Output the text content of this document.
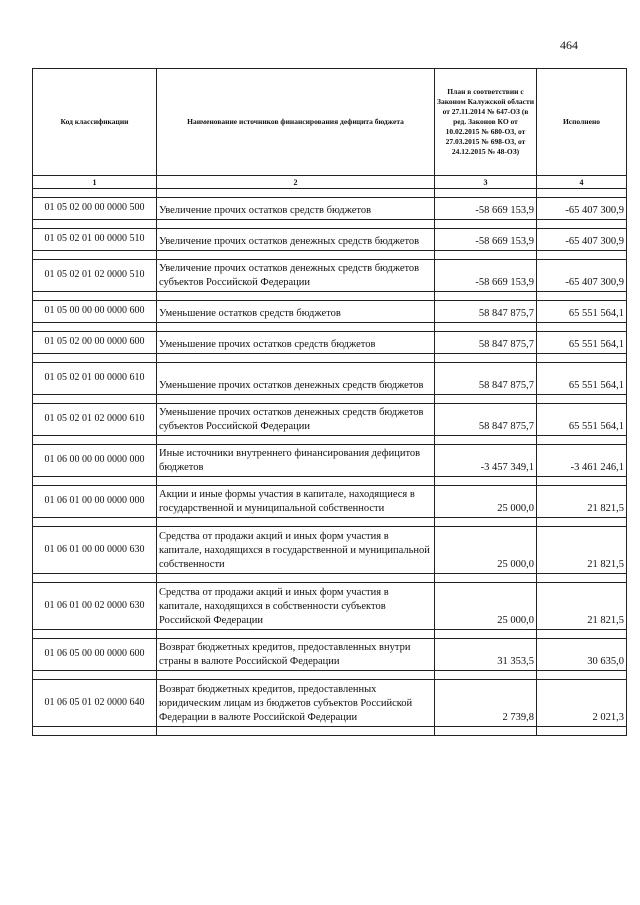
464
Код классификации	Наименование источников финансирования дефицита бюджета	План в соответствии с Законом Калужской области от 27.11.2014 № 647-ОЗ (в ред. Законов КО от 10.02.2015 № 680-ОЗ, от 27.03.2015 № 698-ОЗ, от 24.12.2015 № 48-ОЗ)	Исполнено
1	2	3	4

01 05 02 00 00 0000 500	Увеличение прочих остатков средств бюджетов	-58 669 153,9	-65 407 300,9

01 05 02 01 00 0000 510	Увеличение прочих остатков денежных средств бюджетов	-58 669 153,9	-65 407 300,9

01 05 02 01 02 0000 510	Увеличение прочих остатков денежных средств бюджетов субъектов Российской Федерации	-58 669 153,9	-65 407 300,9

01 05 00 00 00 0000 600	Уменьшение остатков средств бюджетов	58 847 875,7	65 551 564,1

01 05 02 00 00 0000 600	Уменьшение прочих остатков средств бюджетов	58 847 875,7	65 551 564,1

01 05 02 01 00 0000 610	Уменьшение прочих остатков денежных средств бюджетов	58 847 875,7	65 551 564,1

01 05 02 01 02 0000 610	Уменьшение прочих остатков денежных средств бюджетов субъектов Российской Федерации	58 847 875,7	65 551 564,1

01 06 00 00 00 0000 000	Иные источники внутреннего финансирования дефицитов бюджетов	-3 457 349,1	-3 461 246,1

01 06 01 00 00 0000 000	Акции и иные формы участия в капитале, находящиеся в государственной и муниципальной собственности	25 000,0	21 821,5

01 06 01 00 00 0000 630	Средства от продажи акций и иных форм участия в капитале, находящихся в государственной и муниципальной собственности	25 000,0	21 821,5

01 06 01 00 02 0000 630	Средства от продажи акций и иных форм участия в капитале, находящихся в собственности субъектов Российской Федерации	25 000,0	21 821,5

01 06 05 00 00 0000 600	Возврат бюджетных кредитов, предоставленных внутри страны в валюте Российской Федерации	31 353,5	30 635,0

01 06 05 01 02 0000 640	Возврат бюджетных кредитов, предоставленных юридическим лицам из бюджетов субъектов Российской Федерации в валюте Российской Федерации	2 739,8	2 021,3
